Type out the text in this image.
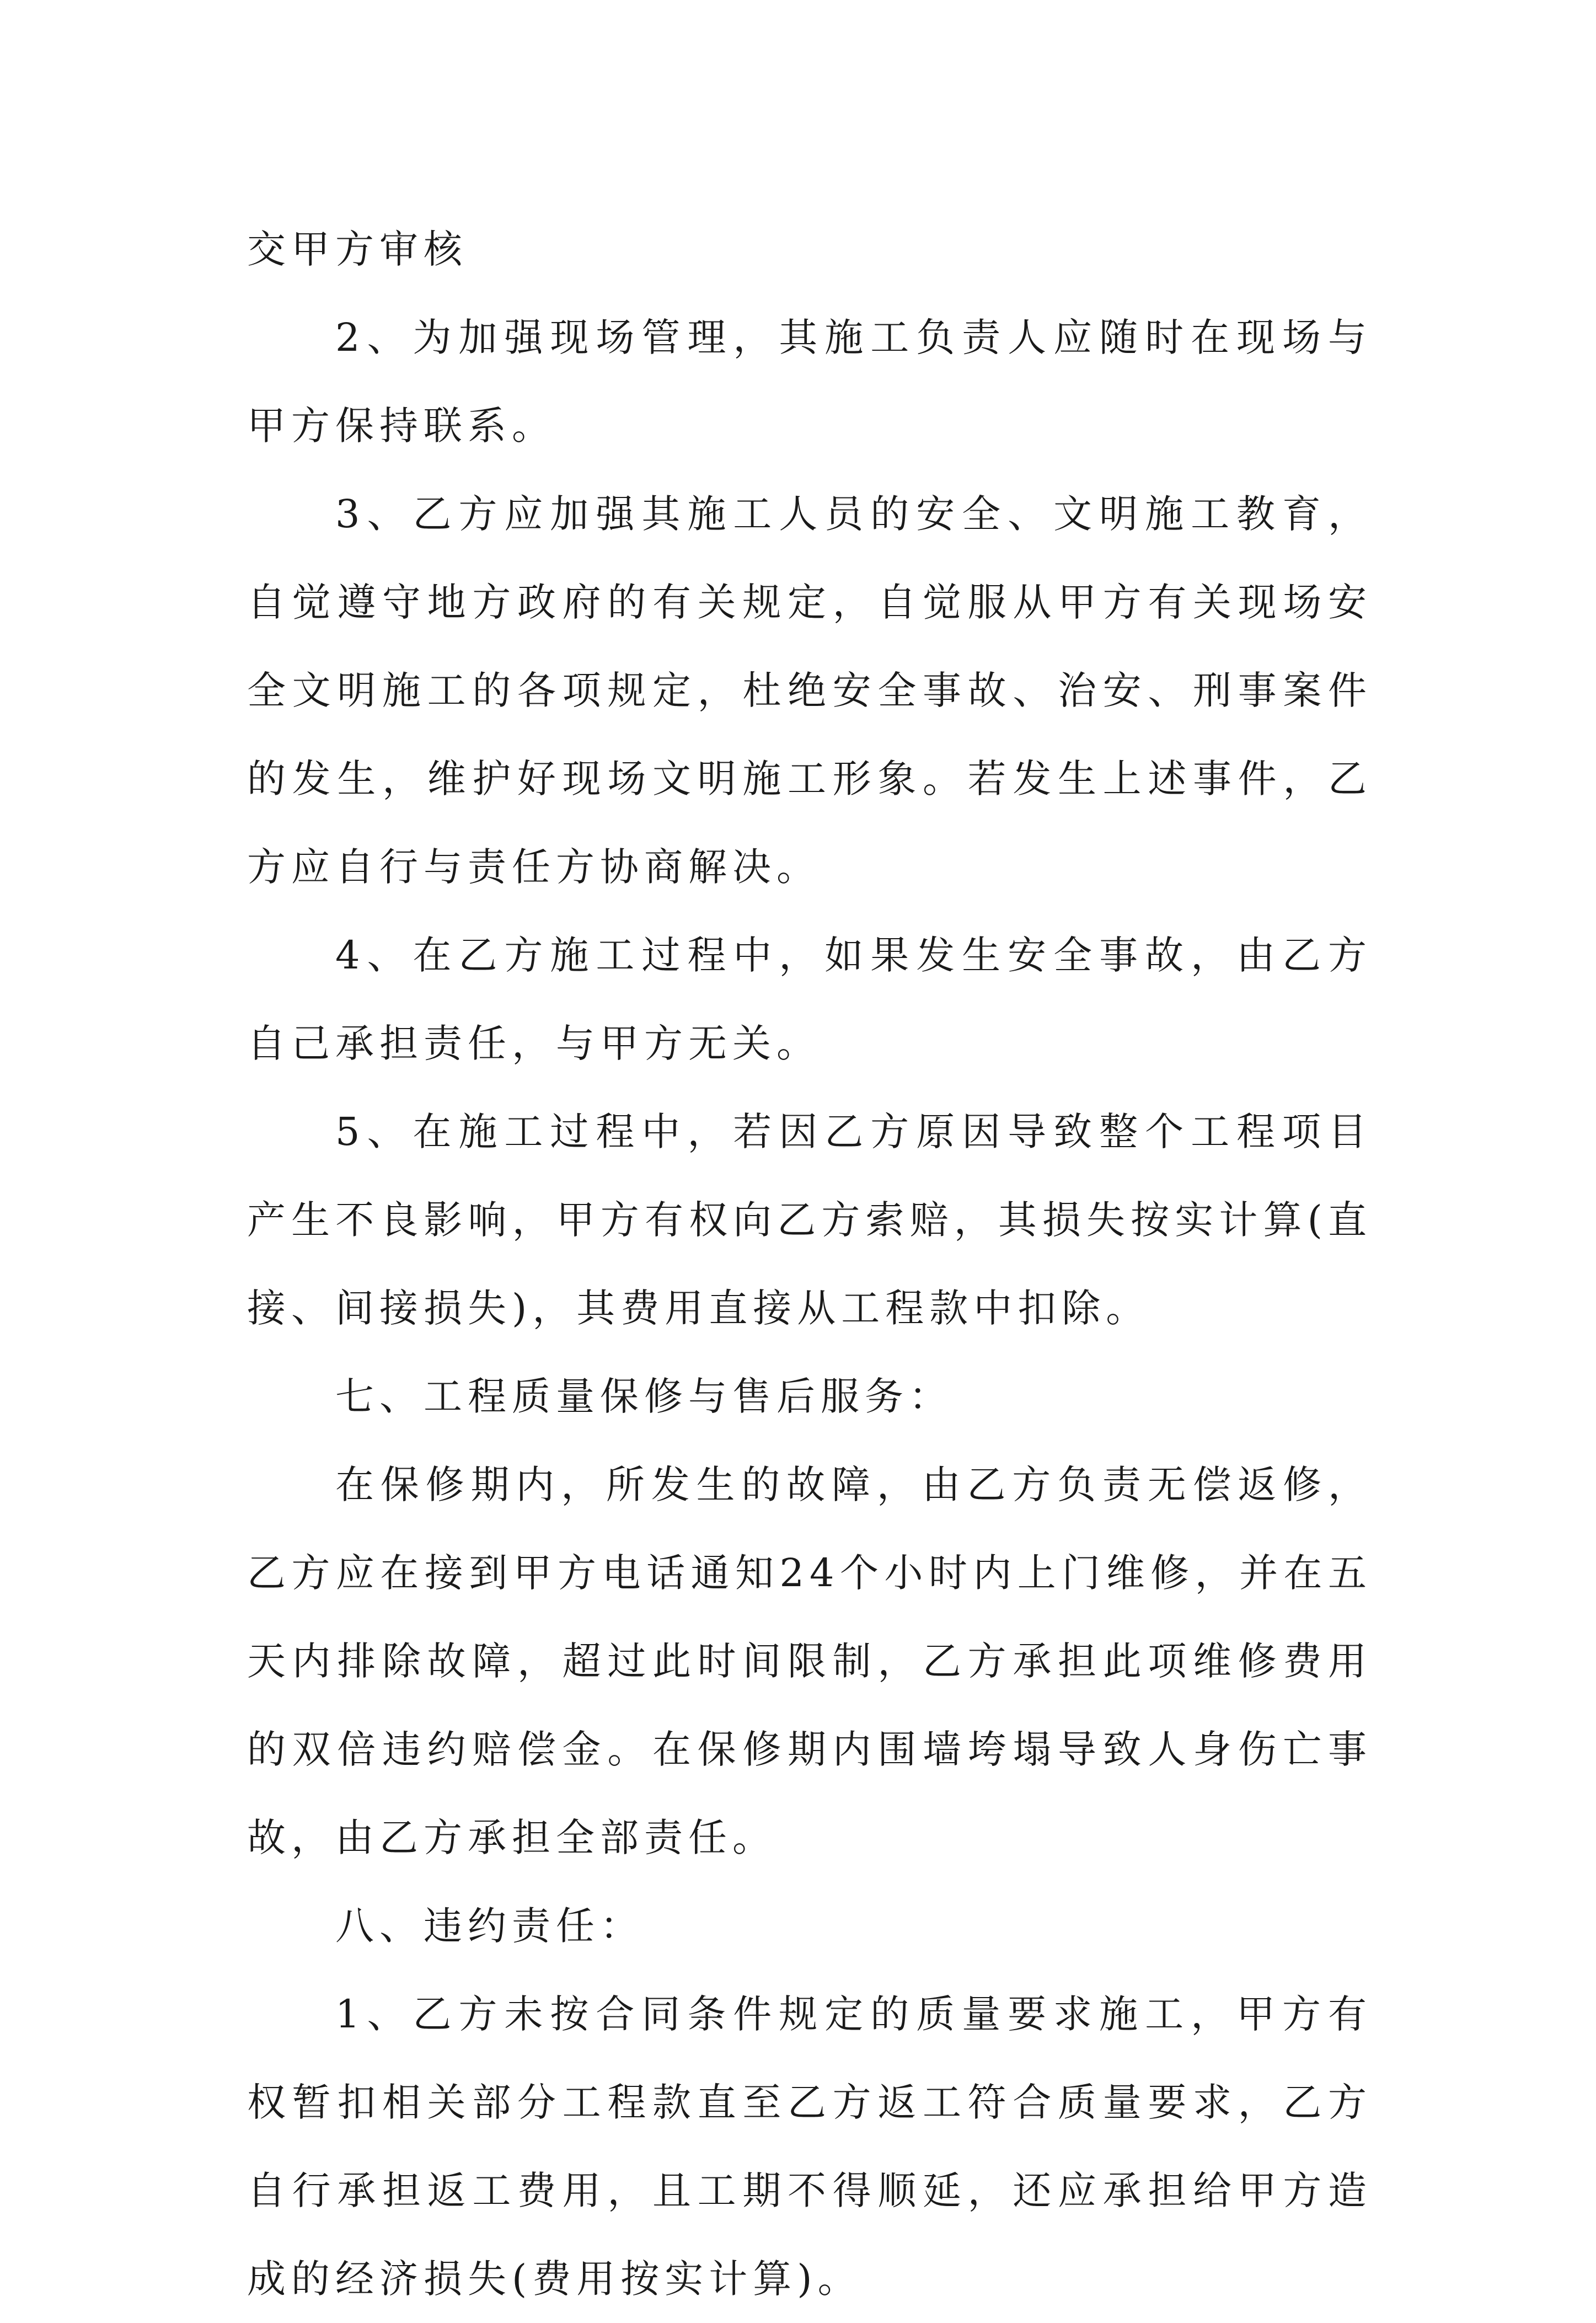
交甲方审核

2、为加强现场管理，其施工负责人应随时在现场与甲方保持联系。

3、乙方应加强其施工人员的安全、文明施工教育，自觉遵守地方政府的有关规定，自觉服从甲方有关现场安全文明施工的各项规定，杜绝安全事故、治安、刑事案件的发生，维护好现场文明施工形象。若发生上述事件，乙方应自行与责任方协商解决。

4、在乙方施工过程中，如果发生安全事故，由乙方自己承担责任，与甲方无关。

5、在施工过程中，若因乙方原因导致整个工程项目产生不良影响，甲方有权向乙方索赔，其损失按实计算(直接、间接损失)，其费用直接从工程款中扣除。

七、工程质量保修与售后服务：

在保修期内，所发生的故障，由乙方负责无偿返修，乙方应在接到甲方电话通知24个小时内上门维修，并在五天内排除故障，超过此时间限制，乙方承担此项维修费用的双倍违约赔偿金。在保修期内围墙垮塌导致人身伤亡事故，由乙方承担全部责任。

八、违约责任：

1、乙方未按合同条件规定的质量要求施工，甲方有权暂扣相关部分工程款直至乙方返工符合质量要求，乙方自行承担返工费用，且工期不得顺延，还应承担给甲方造成的经济损失(费用按实计算)。
